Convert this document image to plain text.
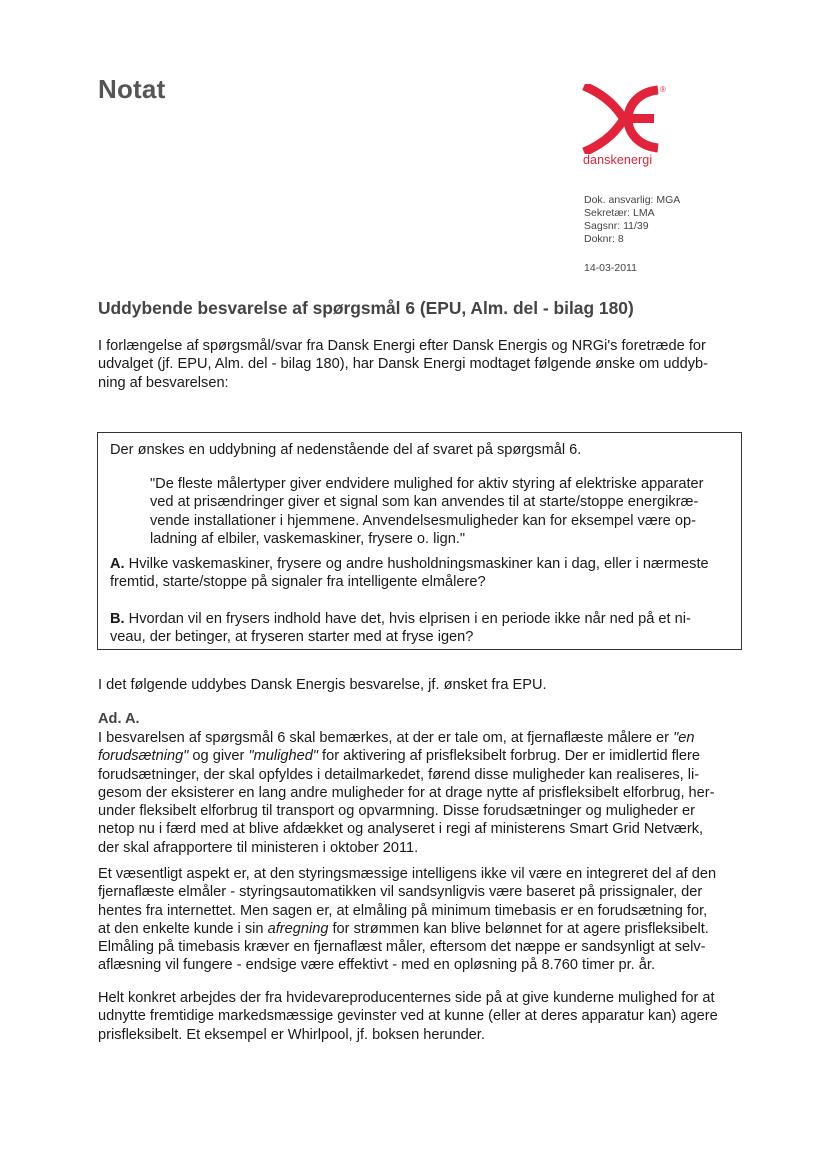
Notat	®
danskenergi
Dok. ansvarlig: MGA
Sekretær: LMA
Sagsnr: 11/39
Doknr: 8
14-03-2011
Uddybende besvarelse af spørgsmål 6 (EPU, Alm. del - bilag 180)
I forlængelse af spørgsmål/svar fra Dansk Energi efter Dansk Energis og NRGi's foretræde for
udvalget (jf. EPU, Alm. del - bilag 180), har Dansk Energi modtaget følgende ønske om uddyb-
ning af besvarelsen:
Der ønskes en uddybning af nedenstående del af svaret på spørgsmål 6.
"De fleste målertyper giver endvidere mulighed for aktiv styring af elektriske apparater
ved at prisændringer giver et signal som kan anvendes til at starte/stoppe energikræ-
vende installationer i hjemmene. Anvendelsesmuligheder kan for eksempel være op-
ladning af elbiler, vaskemaskiner, frysere o. lign."
A. Hvilke vaskemaskiner, frysere og andre husholdningsmaskiner kan i dag, eller i nærmeste
fremtid, starte/stoppe på signaler fra intelligente elmålere?
B. Hvordan vil en frysers indhold have det, hvis elprisen i en periode ikke når ned på et ni-
veau, der betinger, at fryseren starter med at fryse igen?
I det følgende uddybes Dansk Energis besvarelse, jf. ønsket fra EPU.
Ad. A.
I besvarelsen af spørgsmål 6 skal bemærkes, at der er tale om, at fjernaflæste målere er "en
forudsætning" og giver "mulighed" for aktivering af prisfleksibelt forbrug. Der er imidlertid flere
forudsætninger, der skal opfyldes i detailmarkedet, førend disse muligheder kan realiseres, li-
gesom der eksisterer en lang andre muligheder for at drage nytte af prisfleksibelt elforbrug, her-
under fleksibelt elforbrug til transport og opvarmning. Disse forudsætninger og muligheder er
netop nu i færd med at blive afdækket og analyseret i regi af ministerens Smart Grid Netværk,
der skal afrapportere til ministeren i oktober 2011.
Et væsentligt aspekt er, at den styringsmæssige intelligens ikke vil være en integreret del af den
fjernaflæste elmåler - styringsautomatikken vil sandsynligvis være baseret på prissignaler, der
hentes fra internettet. Men sagen er, at elmåling på minimum timebasis er en forudsætning for,
at den enkelte kunde i sin afregning for strømmen kan blive belønnet for at agere prisfleksibelt.
Elmåling på timebasis kræver en fjernaflæst måler, eftersom det næppe er sandsynligt at selv-
aflæsning vil fungere - endsige være effektivt - med en opløsning på 8.760 timer pr. år.
Helt konkret arbejdes der fra hvidevareproducenternes side på at give kunderne mulighed for at
udnytte fremtidige markedsmæssige gevinster ved at kunne (eller at deres apparatur kan) agere
prisfleksibelt. Et eksempel er Whirlpool, jf. boksen herunder.
